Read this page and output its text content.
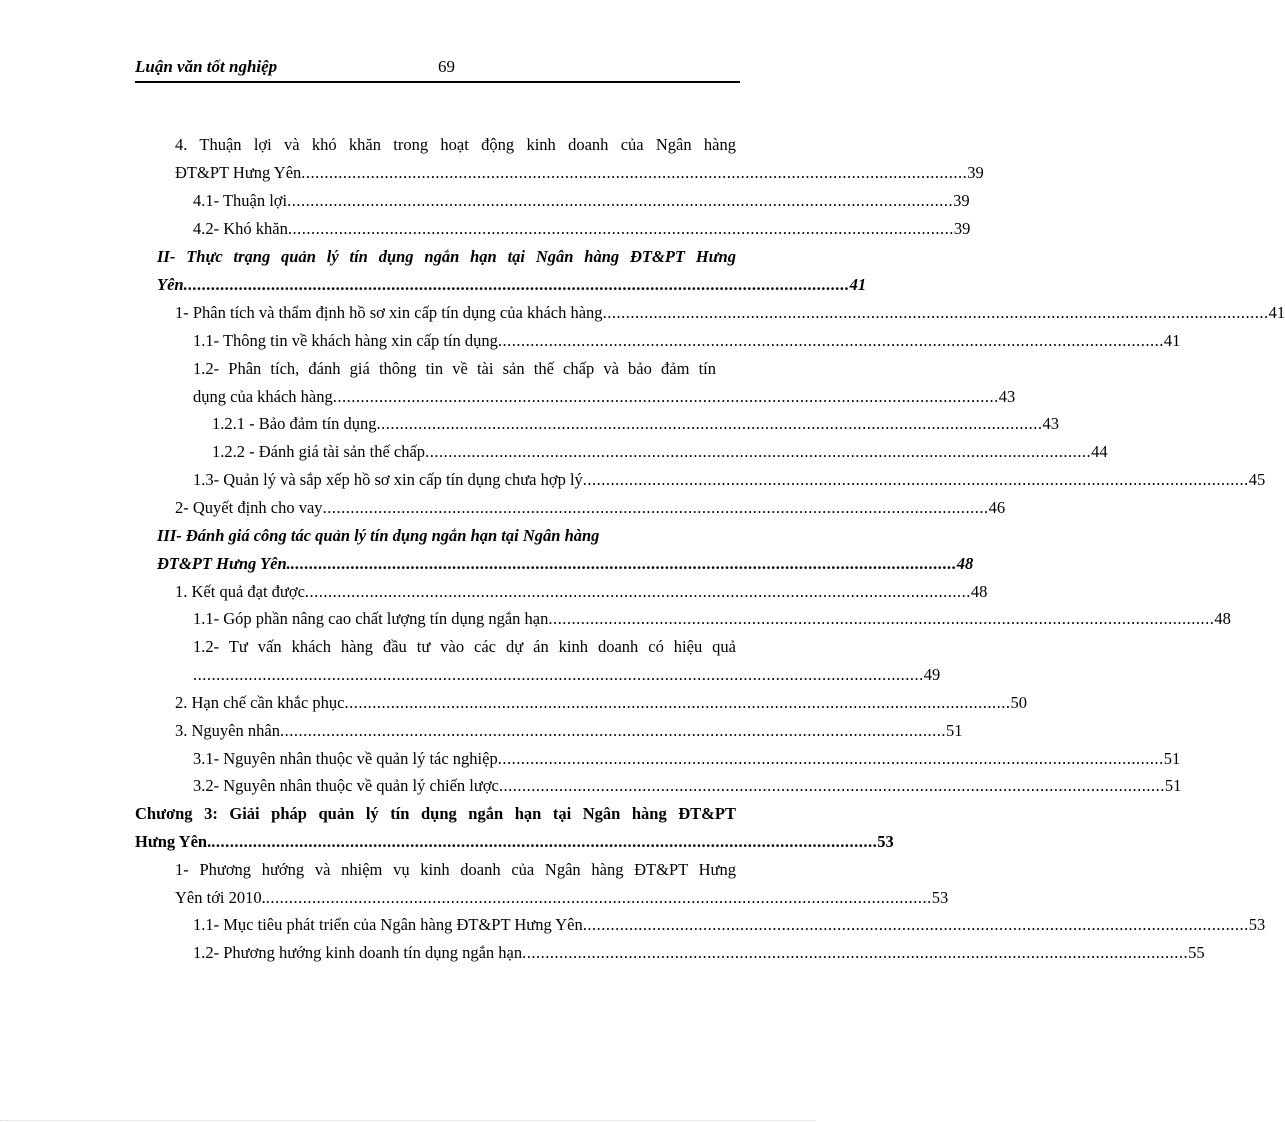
Luận văn tốt nghiệp	69
4. Thuận lợi và khó khăn trong hoạt động kinh doanh của Ngân hàng
ĐT&PT Hưng Yên ................................................................................................................................................ 39
4.1- Thuận lợi ................................................................................................................................................ 39
4.2- Khó khăn ................................................................................................................................................ 39
II- Thực trạng quản lý tín dụng ngắn hạn tại Ngân hàng ĐT&PT Hưng
Yên ................................................................................................................................................ 41
1- Phân tích và thẩm định hồ sơ xin cấp tín dụng của khách hàng ................................................................................................................................................ 41
1.1- Thông tin về khách hàng xin cấp tín dụng ................................................................................................................................................ 41
1.2- Phân tích, đánh giá thông tin về tài sản thế chấp và bảo đảm tín
dụng của khách hàng ................................................................................................................................................ 43
1.2.1 - Bảo đảm tín dụng ................................................................................................................................................ 43
1.2.2 - Đánh giá tài sản thế chấp ................................................................................................................................................ 44
1.3- Quản lý và sắp xếp hồ sơ xin cấp tín dụng chưa hợp lý ................................................................................................................................................ 45
2- Quyết định cho vay ................................................................................................................................................ 46
III- Đánh giá công tác quản lý tín dụng ngắn hạn tại Ngân hàng
ĐT&PT Hưng Yên. ................................................................................................................................................ 48
1. Kết quả đạt được ................................................................................................................................................ 48
1.1- Góp phần nâng cao chất lượng tín dụng ngắn hạn ................................................................................................................................................ 48
1.2- Tư vấn khách hàng đầu tư vào các dự án kinh doanh có hiệu quả
.............................................................................................................................................................. 49
2. Hạn chế cần khắc phục ................................................................................................................................................ 50
3. Nguyên nhân ................................................................................................................................................ 51
3.1- Nguyên nhân thuộc về quản lý tác nghiệp ................................................................................................................................................ 51
3.2- Nguyên nhân thuộc về quản lý chiến lược ................................................................................................................................................ 51
Chương 3: Giải pháp quản lý tín dụng ngắn hạn tại Ngân hàng ĐT&PT
Hưng Yên. ................................................................................................................................................ 53
1- Phương hướng và nhiệm vụ kinh doanh của Ngân hàng ĐT&PT Hưng
Yên tới 2010. ................................................................................................................................................ 53
1.1- Mục tiêu phát triển của Ngân hàng ĐT&PT Hưng Yên ................................................................................................................................................ 53
1.2- Phương hướng kinh doanh tín dụng ngắn hạn ................................................................................................................................................ 55
